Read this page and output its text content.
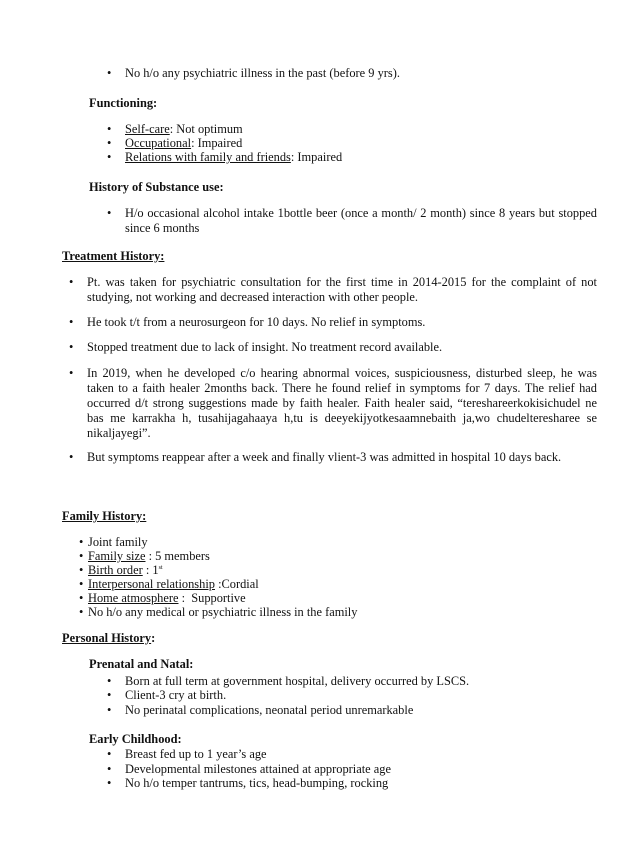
• No h/o any psychiatric illness in the past (before 9 yrs).

Functioning:

• Self-care: Not optimum

• Occupational: Impaired

• Relations with family and friends: Impaired

History of Substance use:

• H/o occasional alcohol intake 1bottle beer (once a month/ 2 month) since 8 years but stopped since 6 months

Treatment History:

• Pt. was taken for psychiatric consultation for the first time in 2014-2015 for the complaint of not studying, not working and decreased interaction with other people.

• He took t/t from a neurosurgeon for 10 days. No relief in symptoms.

• Stopped treatment due to lack of insight. No treatment record available.

• In 2019, when he developed c/o hearing abnormal voices, suspiciousness, disturbed sleep, he was taken to a faith healer 2months back. There he found relief in symptoms for 7 days. The relief had occurred d/t strong suggestions made by faith healer. Faith healer said, “tereshareerkokisichudel ne bas me karrakha h, tusahijagahaaya h,tu is deeyekijyotkesaamnebaith ja,wo chudelteresharee se nikaljayegi”.

• But symptoms reappear after a week and finally vlient-3 was admitted in hospital 10 days back.

Family History:

• Joint family

• Family size : 5 members

• Birth order : 1st

• Interpersonal relationship :Cordial

• Home atmosphere :  Supportive

• No h/o any medical or psychiatric illness in the family

Personal History:

Prenatal and Natal:

• Born at full term at government hospital, delivery occurred by LSCS.

• Client-3 cry at birth.

• No perinatal complications, neonatal period unremarkable

Early Childhood:

• Breast fed up to 1 year’s age

• Developmental milestones attained at appropriate age

• No h/o temper tantrums, tics, head-bumping, rocking
